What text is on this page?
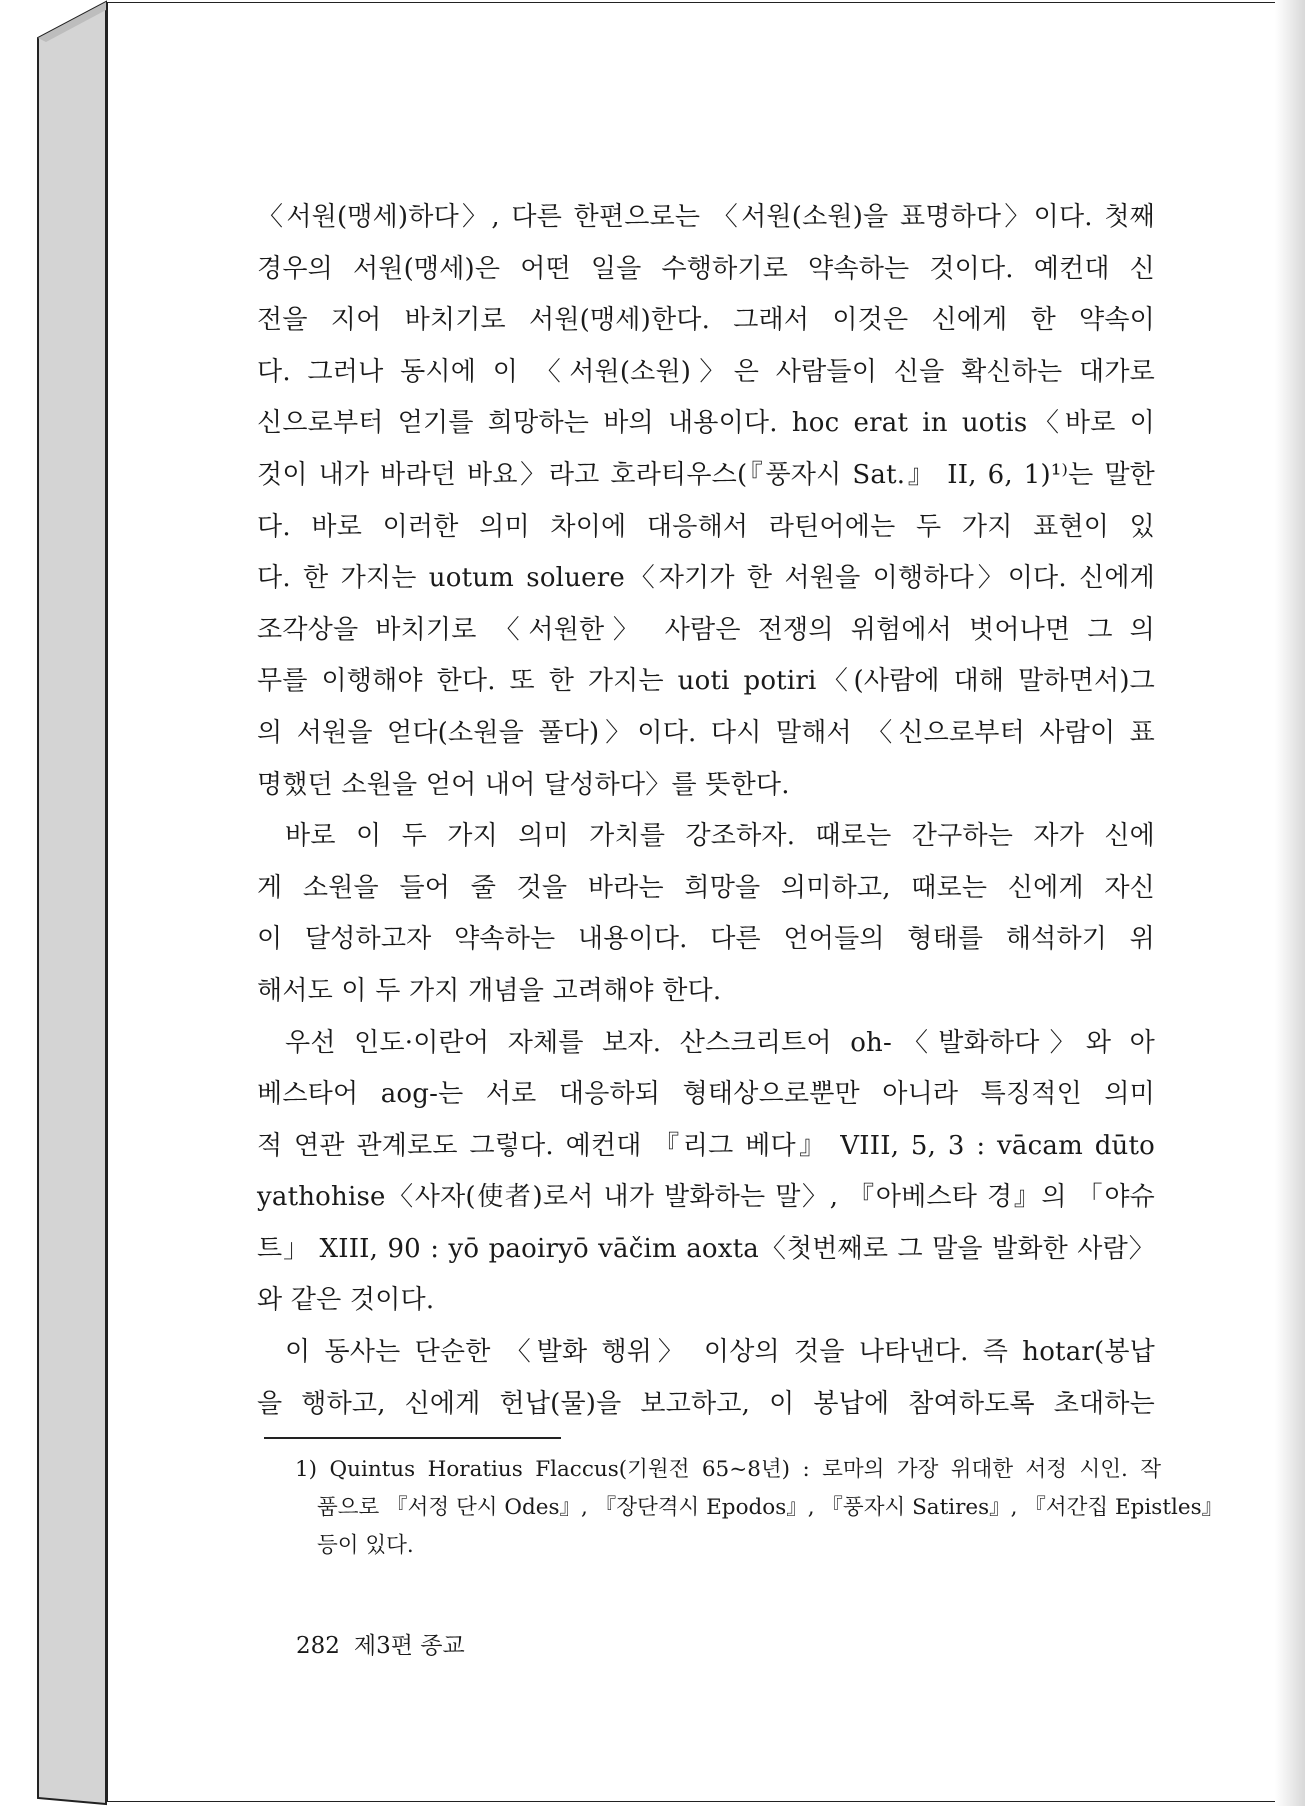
〈서원(맹세)하다〉, 다른 한편으로는 〈서원(소원)을 표명하다〉이다. 첫째
경우의 서원(맹세)은 어떤 일을 수행하기로 약속하는 것이다. 예컨대 신
전을 지어 바치기로 서원(맹세)한다. 그래서 이것은 신에게 한 약속이
다. 그러나 동시에 이 〈서원(소원)〉은 사람들이 신을 확신하는 대가로
신으로부터 얻기를 희망하는 바의 내용이다. hoc erat in uotis〈바로 이
것이 내가 바라던 바요〉라고 호라티우스(『풍자시 Sat.』 II, 6, 1)¹⁾는 말한
다. 바로 이러한 의미 차이에 대응해서 라틴어에는 두 가지 표현이 있
다. 한 가지는 uotum soluere〈자기가 한 서원을 이행하다〉이다. 신에게
조각상을 바치기로 〈서원한〉 사람은 전쟁의 위험에서 벗어나면 그 의
무를 이행해야 한다. 또 한 가지는 uoti potiri〈(사람에 대해 말하면서)그
의 서원을 얻다(소원을 풀다)〉이다. 다시 말해서 〈신으로부터 사람이 표
명했던 소원을 얻어 내어 달성하다〉를 뜻한다.
바로 이 두 가지 의미 가치를 강조하자. 때로는 간구하는 자가 신에
게 소원을 들어 줄 것을 바라는 희망을 의미하고, 때로는 신에게 자신
이 달성하고자 약속하는 내용이다. 다른 언어들의 형태를 해석하기 위
해서도 이 두 가지 개념을 고려해야 한다.
우선 인도·이란어 자체를 보자. 산스크리트어 oh-〈발화하다〉와 아
베스타어 aog-는 서로 대응하되 형태상으로뿐만 아니라 특징적인 의미
적 연관 관계로도 그렇다. 예컨대 『리그 베다』 VIII, 5, 3 : vācam dūto
yathohise〈사자(使者)로서 내가 발화하는 말〉, 『아베스타 경』의 「야슈
트」 XIII, 90 : yō paoiryō vāčim aoxta〈첫번째로 그 말을 발화한 사람〉
와 같은 것이다.
이 동사는 단순한 〈발화 행위〉 이상의 것을 나타낸다. 즉 hotar(봉납
을 행하고, 신에게 헌납(물)을 보고하고, 이 봉납에 참여하도록 초대하는
1) Quintus Horatius Flaccus(기원전 65~8년) : 로마의 가장 위대한 서정 시인. 작
품으로 『서정 단시 Odes』, 『장단격시 Epodos』, 『풍자시 Satires』, 『서간집 Epistles』
등이 있다.
282 제3편 종교
